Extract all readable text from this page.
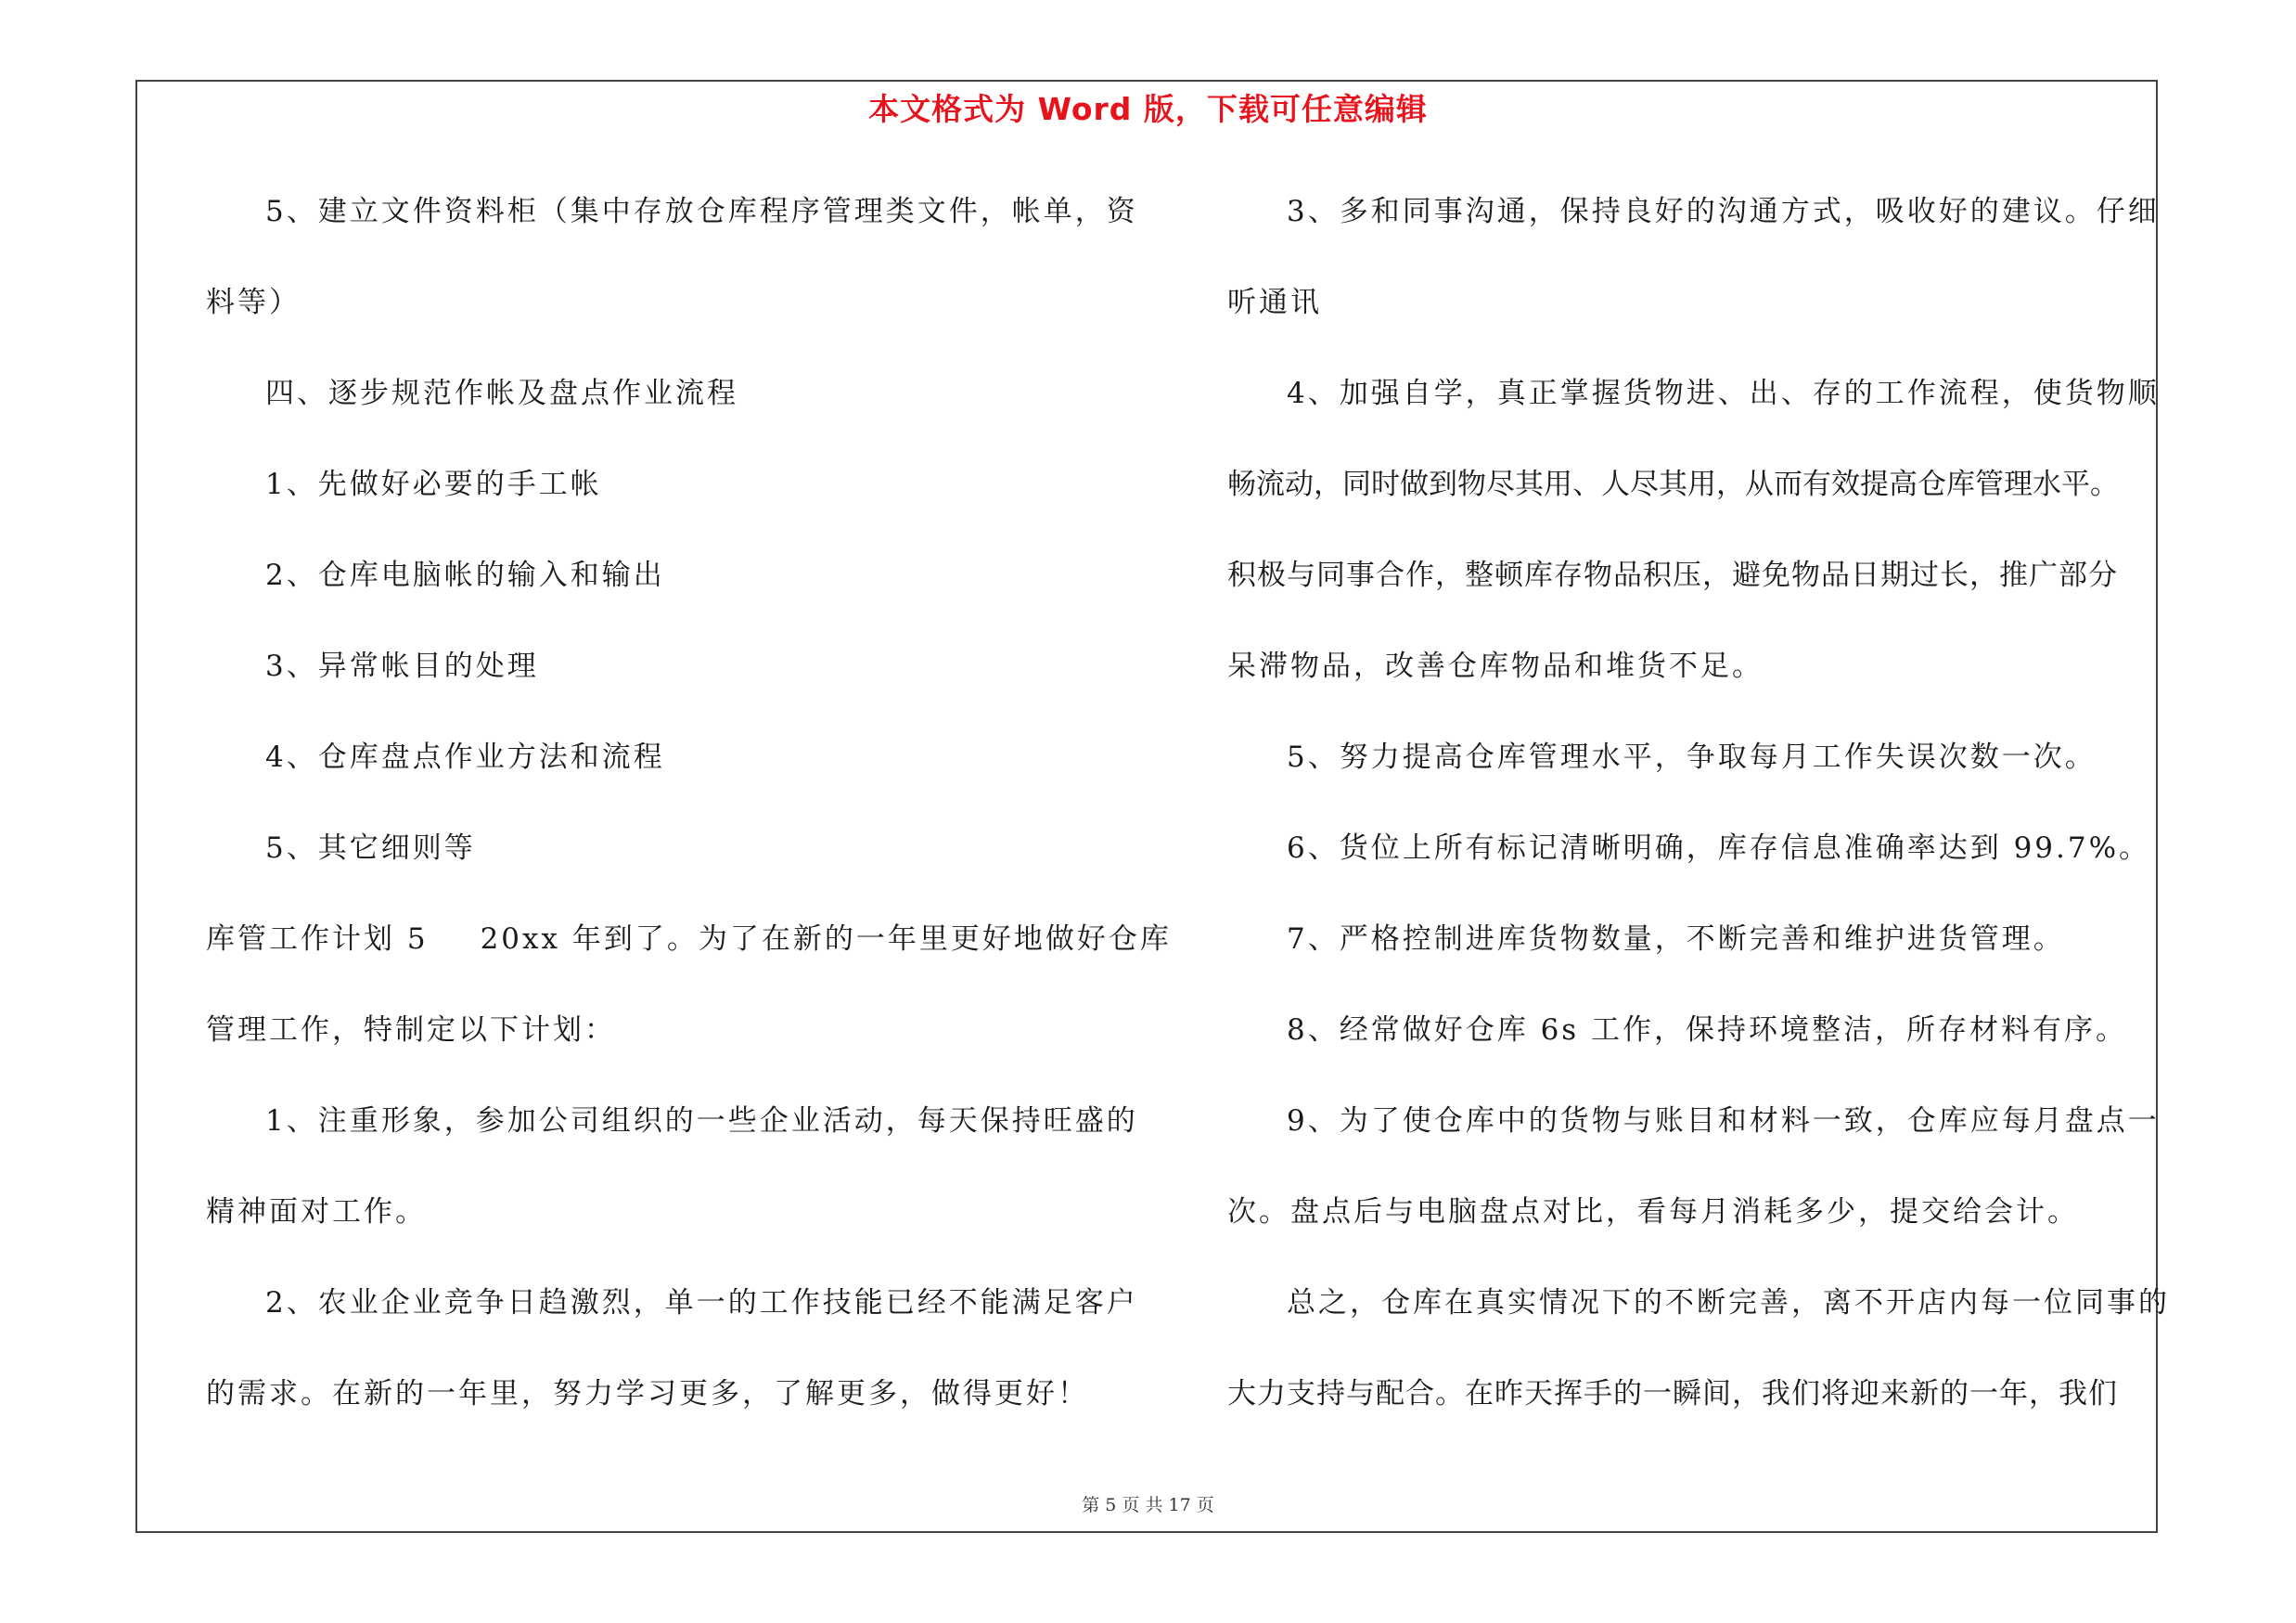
本文格式为 Word 版，下载可任意编辑
5、建立文件资料柜（集中存放仓库程序管理类文件，帐单，资
料等）
四、逐步规范作帐及盘点作业流程
1、先做好必要的手工帐
2、仓库电脑帐的输入和输出
3、异常帐目的处理
4、仓库盘点作业方法和流程
5、其它细则等
库管工作计划 5 20xx 年到了。为了在新的一年里更好地做好仓库
管理工作，特制定以下计划：
1、注重形象，参加公司组织的一些企业活动，每天保持旺盛的
精神面对工作。
2、农业企业竞争日趋激烈，单一的工作技能已经不能满足客户
的需求。在新的一年里，努力学习更多，了解更多，做得更好！
3、多和同事沟通，保持良好的沟通方式，吸收好的建议。仔细
听通讯
4、加强自学，真正掌握货物进、出、存的工作流程，使货物顺
畅流动，同时做到物尽其用、人尽其用，从而有效提高仓库管理水平。
积极与同事合作，整顿库存物品积压，避免物品日期过长，推广部分
呆滞物品，改善仓库物品和堆货不足。
5、努力提高仓库管理水平，争取每月工作失误次数一次。
6、货位上所有标记清晰明确，库存信息准确率达到 99.7%。
7、严格控制进库货物数量，不断完善和维护进货管理。
8、经常做好仓库 6s 工作，保持环境整洁，所存材料有序。
9、为了使仓库中的货物与账目和材料一致，仓库应每月盘点一
次。盘点后与电脑盘点对比，看每月消耗多少，提交给会计。
总之，仓库在真实情况下的不断完善，离不开店内每一位同事的
大力支持与配合。在昨天挥手的一瞬间，我们将迎来新的一年，我们
第 5 页 共 17 页
